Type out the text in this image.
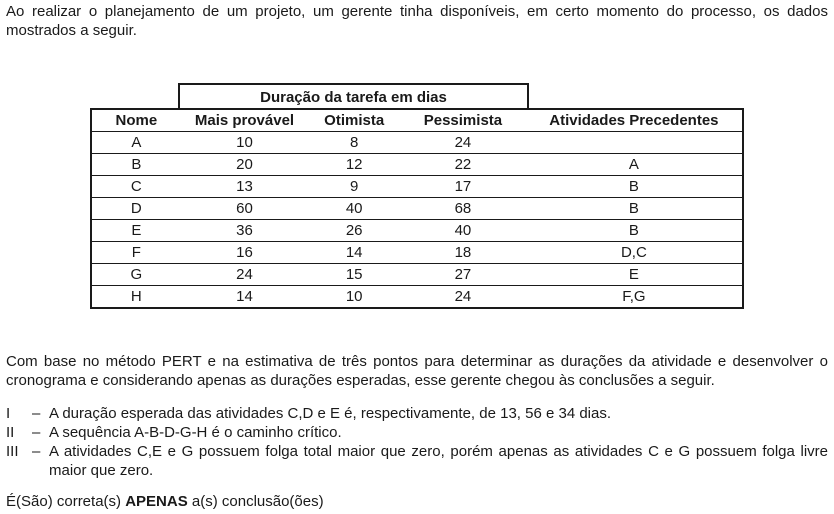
Ao realizar o planejamento de um projeto, um gerente tinha disponíveis, em certo momento do processo, os dados mostrados a seguir.

Duração da tarefa em dias
Nome	Mais provável	Otimista	Pessimista	Atividades Precedentes
A	10	8	24	
B	20	12	22	A
C	13	9	17	B
D	60	40	68	B
E	36	26	40	B
F	16	14	18	D,C
G	24	15	27	E
H	14	10	24	F,G

Com base no método PERT e na estimativa de três pontos para determinar as durações da atividade e desenvolver o cronograma e considerando apenas as durações esperadas, esse gerente chegou às conclusões a seguir.

I – A duração esperada das atividades C,D e E é, respectivamente, de 13, 56 e 34 dias.
II – A sequência A-B-D-G-H é o caminho crítico.
III – A atividades C,E e G possuem folga total maior que zero, porém apenas as atividades C e G possuem folga livre maior que zero.

É(São) correta(s) APENAS a(s) conclusão(ões)
